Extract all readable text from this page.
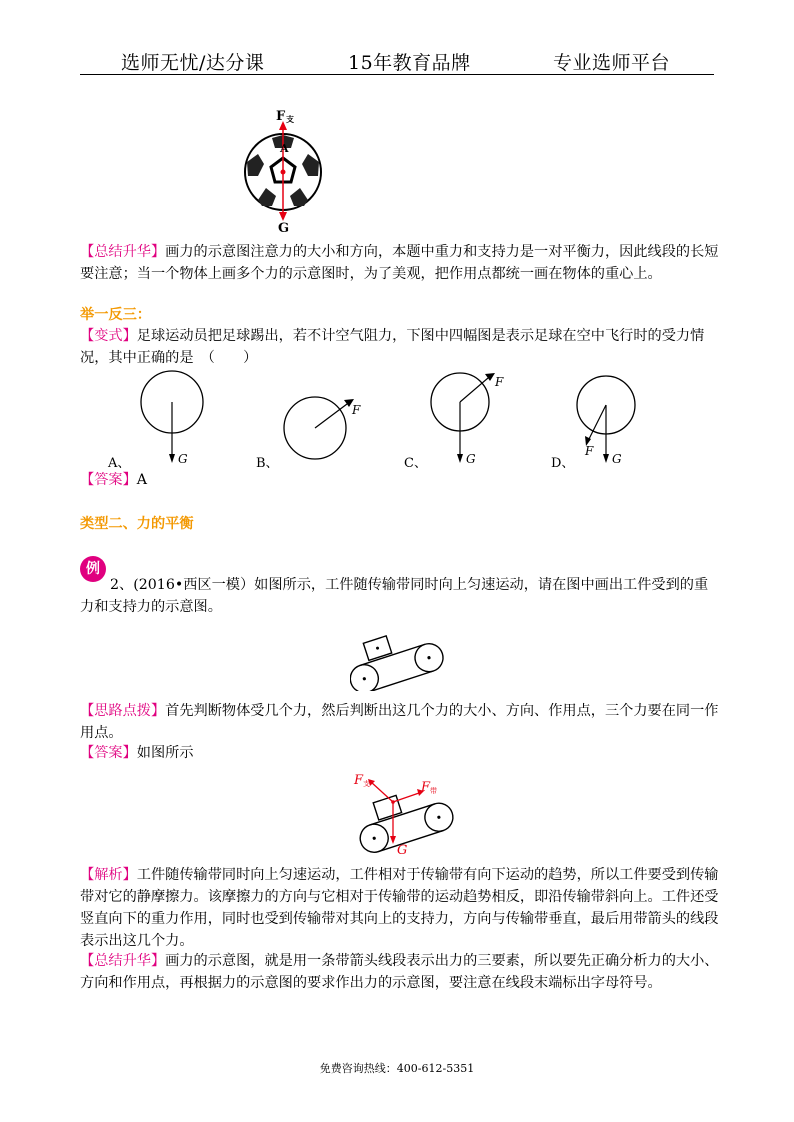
选师无忧/达分课	15年教育品牌	专业选师平台
F 支
A
G
【总结升华】画力的示意图注意力的大小和方向，本题中重力和支持力是一对平衡力，因此线段的长短要注意；当一个物体上画多个力的示意图时，为了美观，把作用点都统一画在物体的重心上。
举一反三：
【变式】足球运动员把足球踢出，若不计空气阻力，下图中四幅图是表示足球在空中飞行时的受力情况，其中正确的是　（　　）
G
A、
F
B、
F
G
C、
F
G
D、
【答案】A
类型二、力的平衡
例
2、(2016•西区一模）如图所示，工件随传输带同时向上匀速运动，请在图中画出工件受到的重力和支持力的示意图。
【思路点拨】首先判断物体受几个力，然后判断出这几个力的大小、方向、作用点，三个力要在同一作用点。
【答案】如图所示
F 支	F 带
G
【解析】工件随传输带同时向上匀速运动，工件相对于传输带有向下运动的趋势，所以工件要受到传输带对它的静摩擦力。该摩擦力的方向与它相对于传输带的运动趋势相反，即沿传输带斜向上。工件还受竖直向下的重力作用，同时也受到传输带对其向上的支持力，方向与传输带垂直，最后用带箭头的线段表示出这几个力。
【总结升华】画力的示意图，就是用一条带箭头线段表示出力的三要素，所以要先正确分析力的大小、方向和作用点，再根据力的示意图的要求作出力的示意图，要注意在线段末端标出字母符号。
免费咨询热线：400-612-5351
